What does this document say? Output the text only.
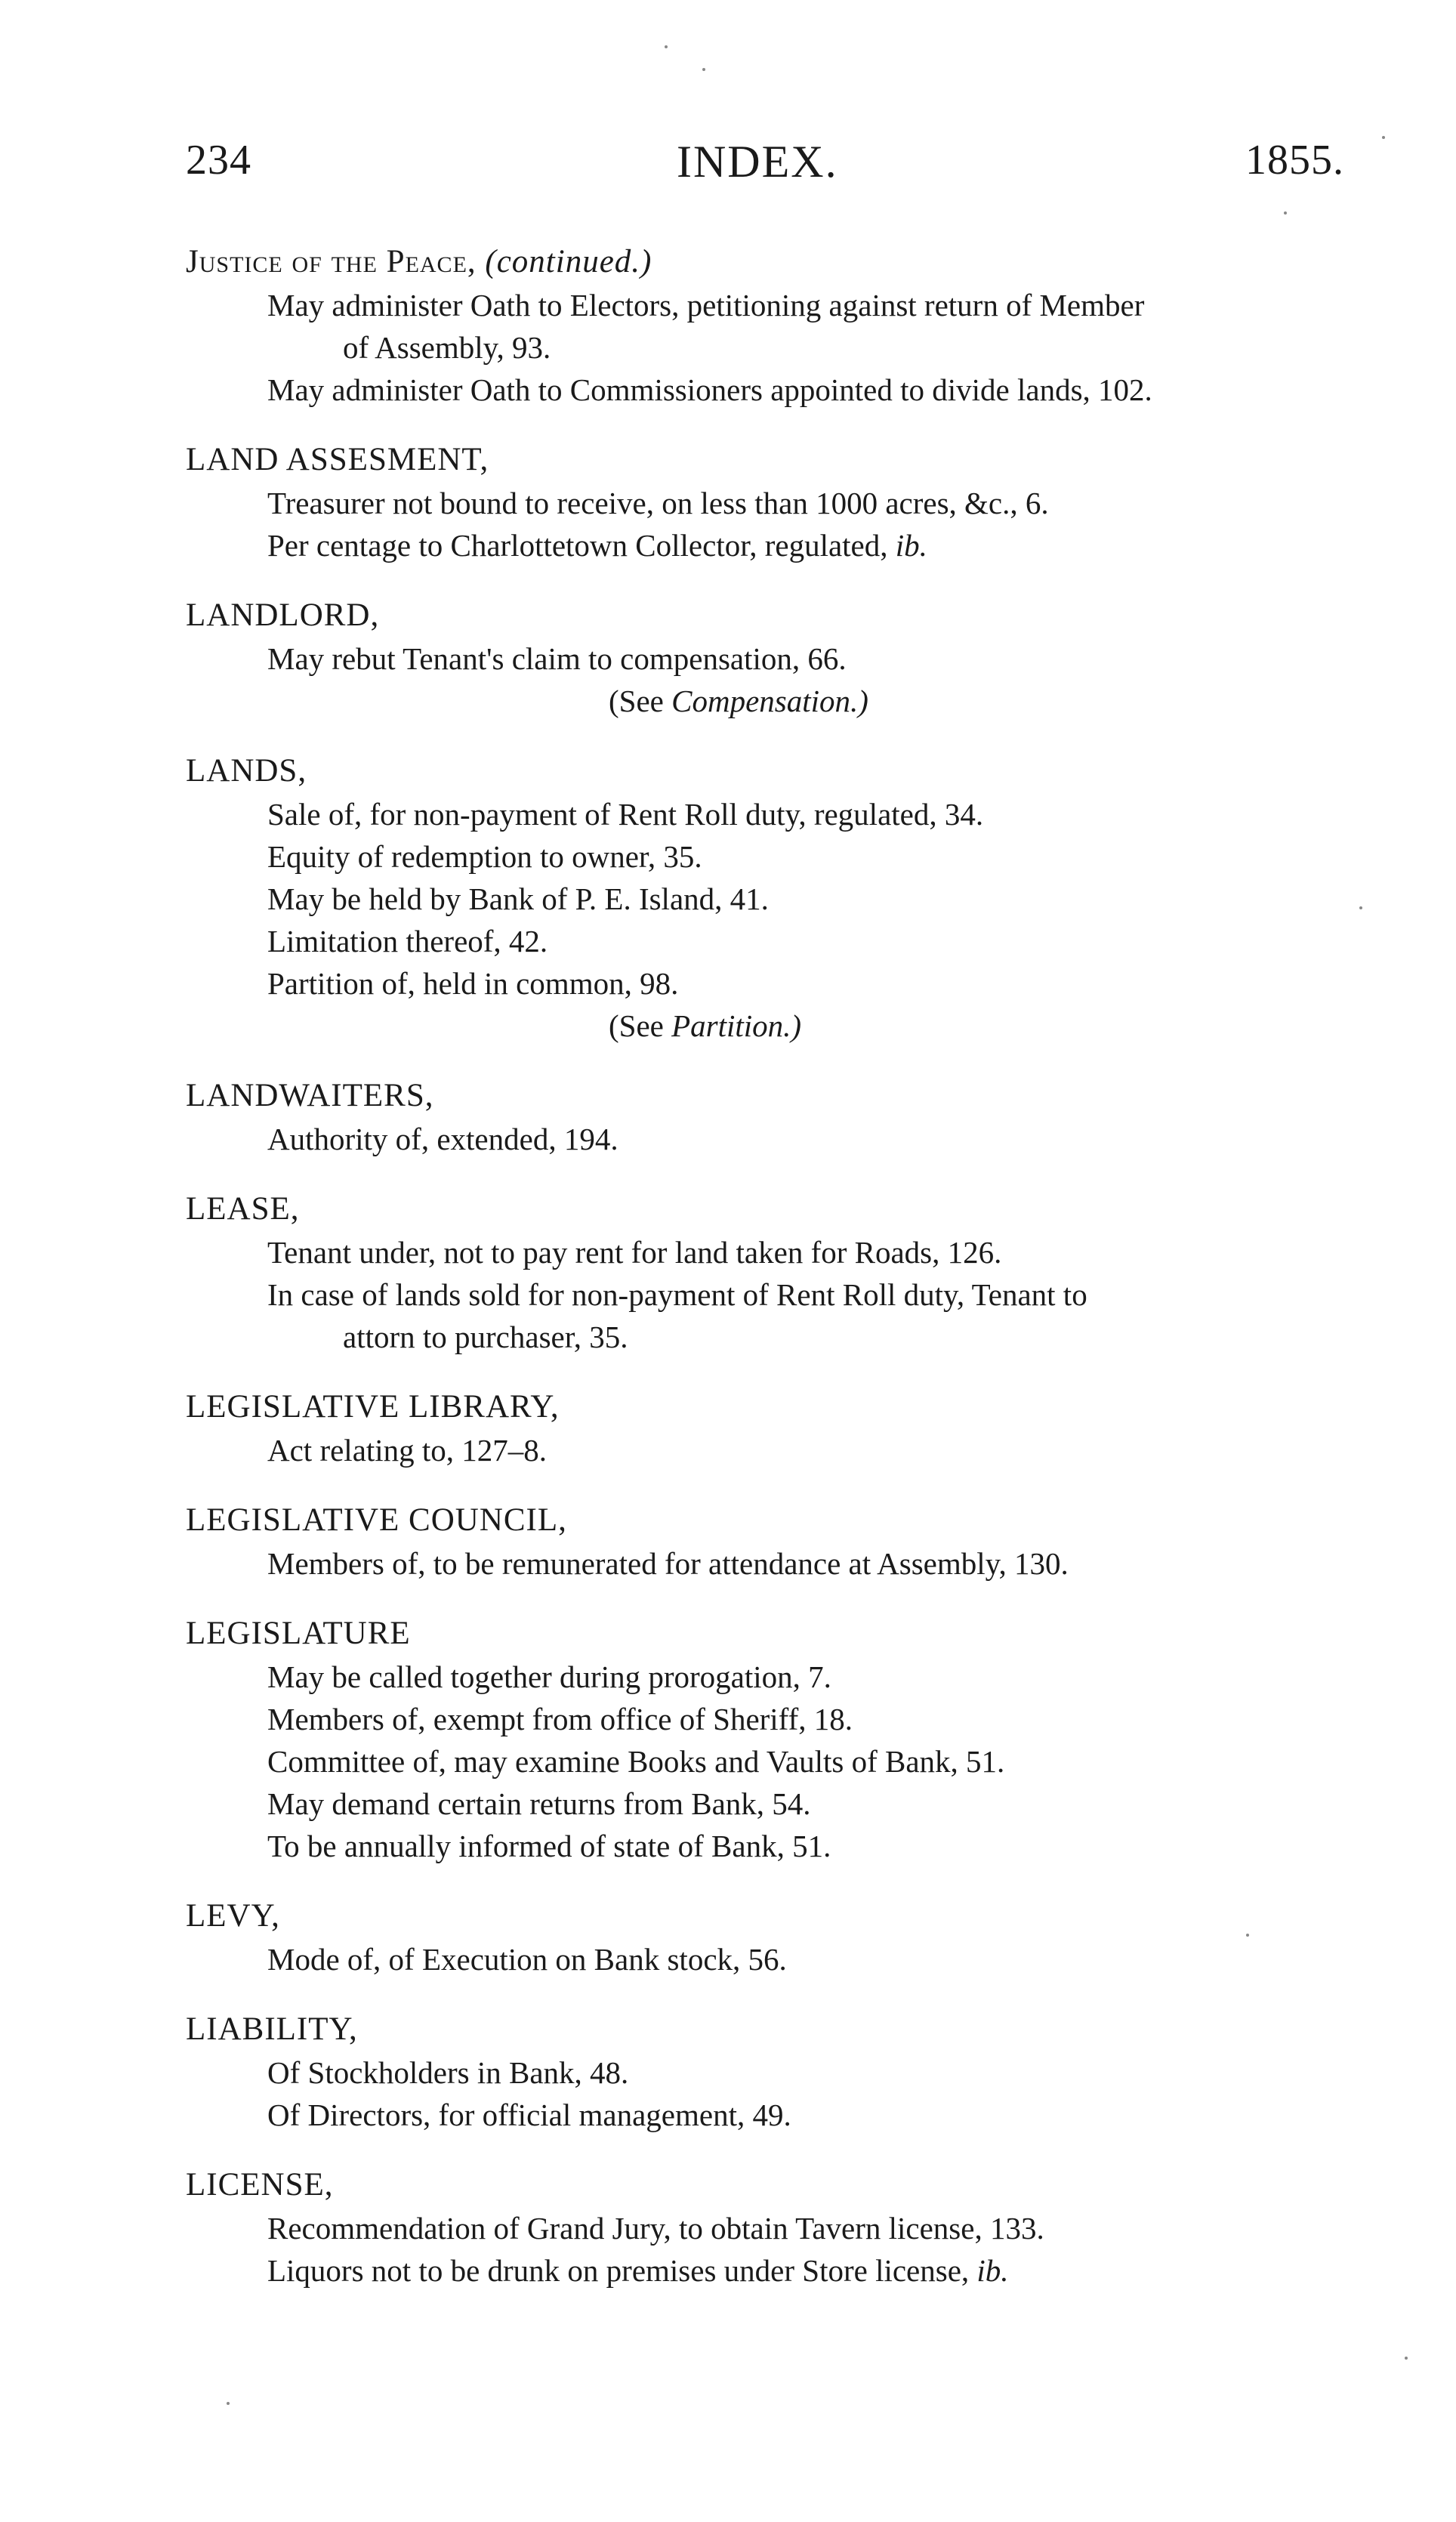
234	INDEX.	1855.
Justice of the Peace, (continued.)
May administer Oath to Electors, petitioning against return of Member
of Assembly, 93.
May administer Oath to Commissioners appointed to divide lands, 102.
LAND ASSESMENT,
Treasurer not bound to receive, on less than 1000 acres, &c., 6.
Per centage to Charlottetown Collector, regulated, ib.
LANDLORD,
May rebut Tenant's claim to compensation, 66.
(See Compensation.)
LANDS,
Sale of, for non-payment of Rent Roll duty, regulated, 34.
Equity of redemption to owner, 35.
May be held by Bank of P. E. Island, 41.
Limitation thereof, 42.
Partition of, held in common, 98.
(See Partition.)
LANDWAITERS,
Authority of, extended, 194.
LEASE,
Tenant under, not to pay rent for land taken for Roads, 126.
In case of lands sold for non-payment of Rent Roll duty, Tenant to
attorn to purchaser, 35.
LEGISLATIVE LIBRARY,
Act relating to, 127–8.
LEGISLATIVE COUNCIL,
Members of, to be remunerated for attendance at Assembly, 130.
LEGISLATURE
May be called together during prorogation, 7.
Members of, exempt from office of Sheriff, 18.
Committee of, may examine Books and Vaults of Bank, 51.
May demand certain returns from Bank, 54.
To be annually informed of state of Bank, 51.
LEVY,
Mode of, of Execution on Bank stock, 56.
LIABILITY,
Of Stockholders in Bank, 48.
Of Directors, for official management, 49.
LICENSE,
Recommendation of Grand Jury, to obtain Tavern license, 133.
Liquors not to be drunk on premises under Store license, ib.
